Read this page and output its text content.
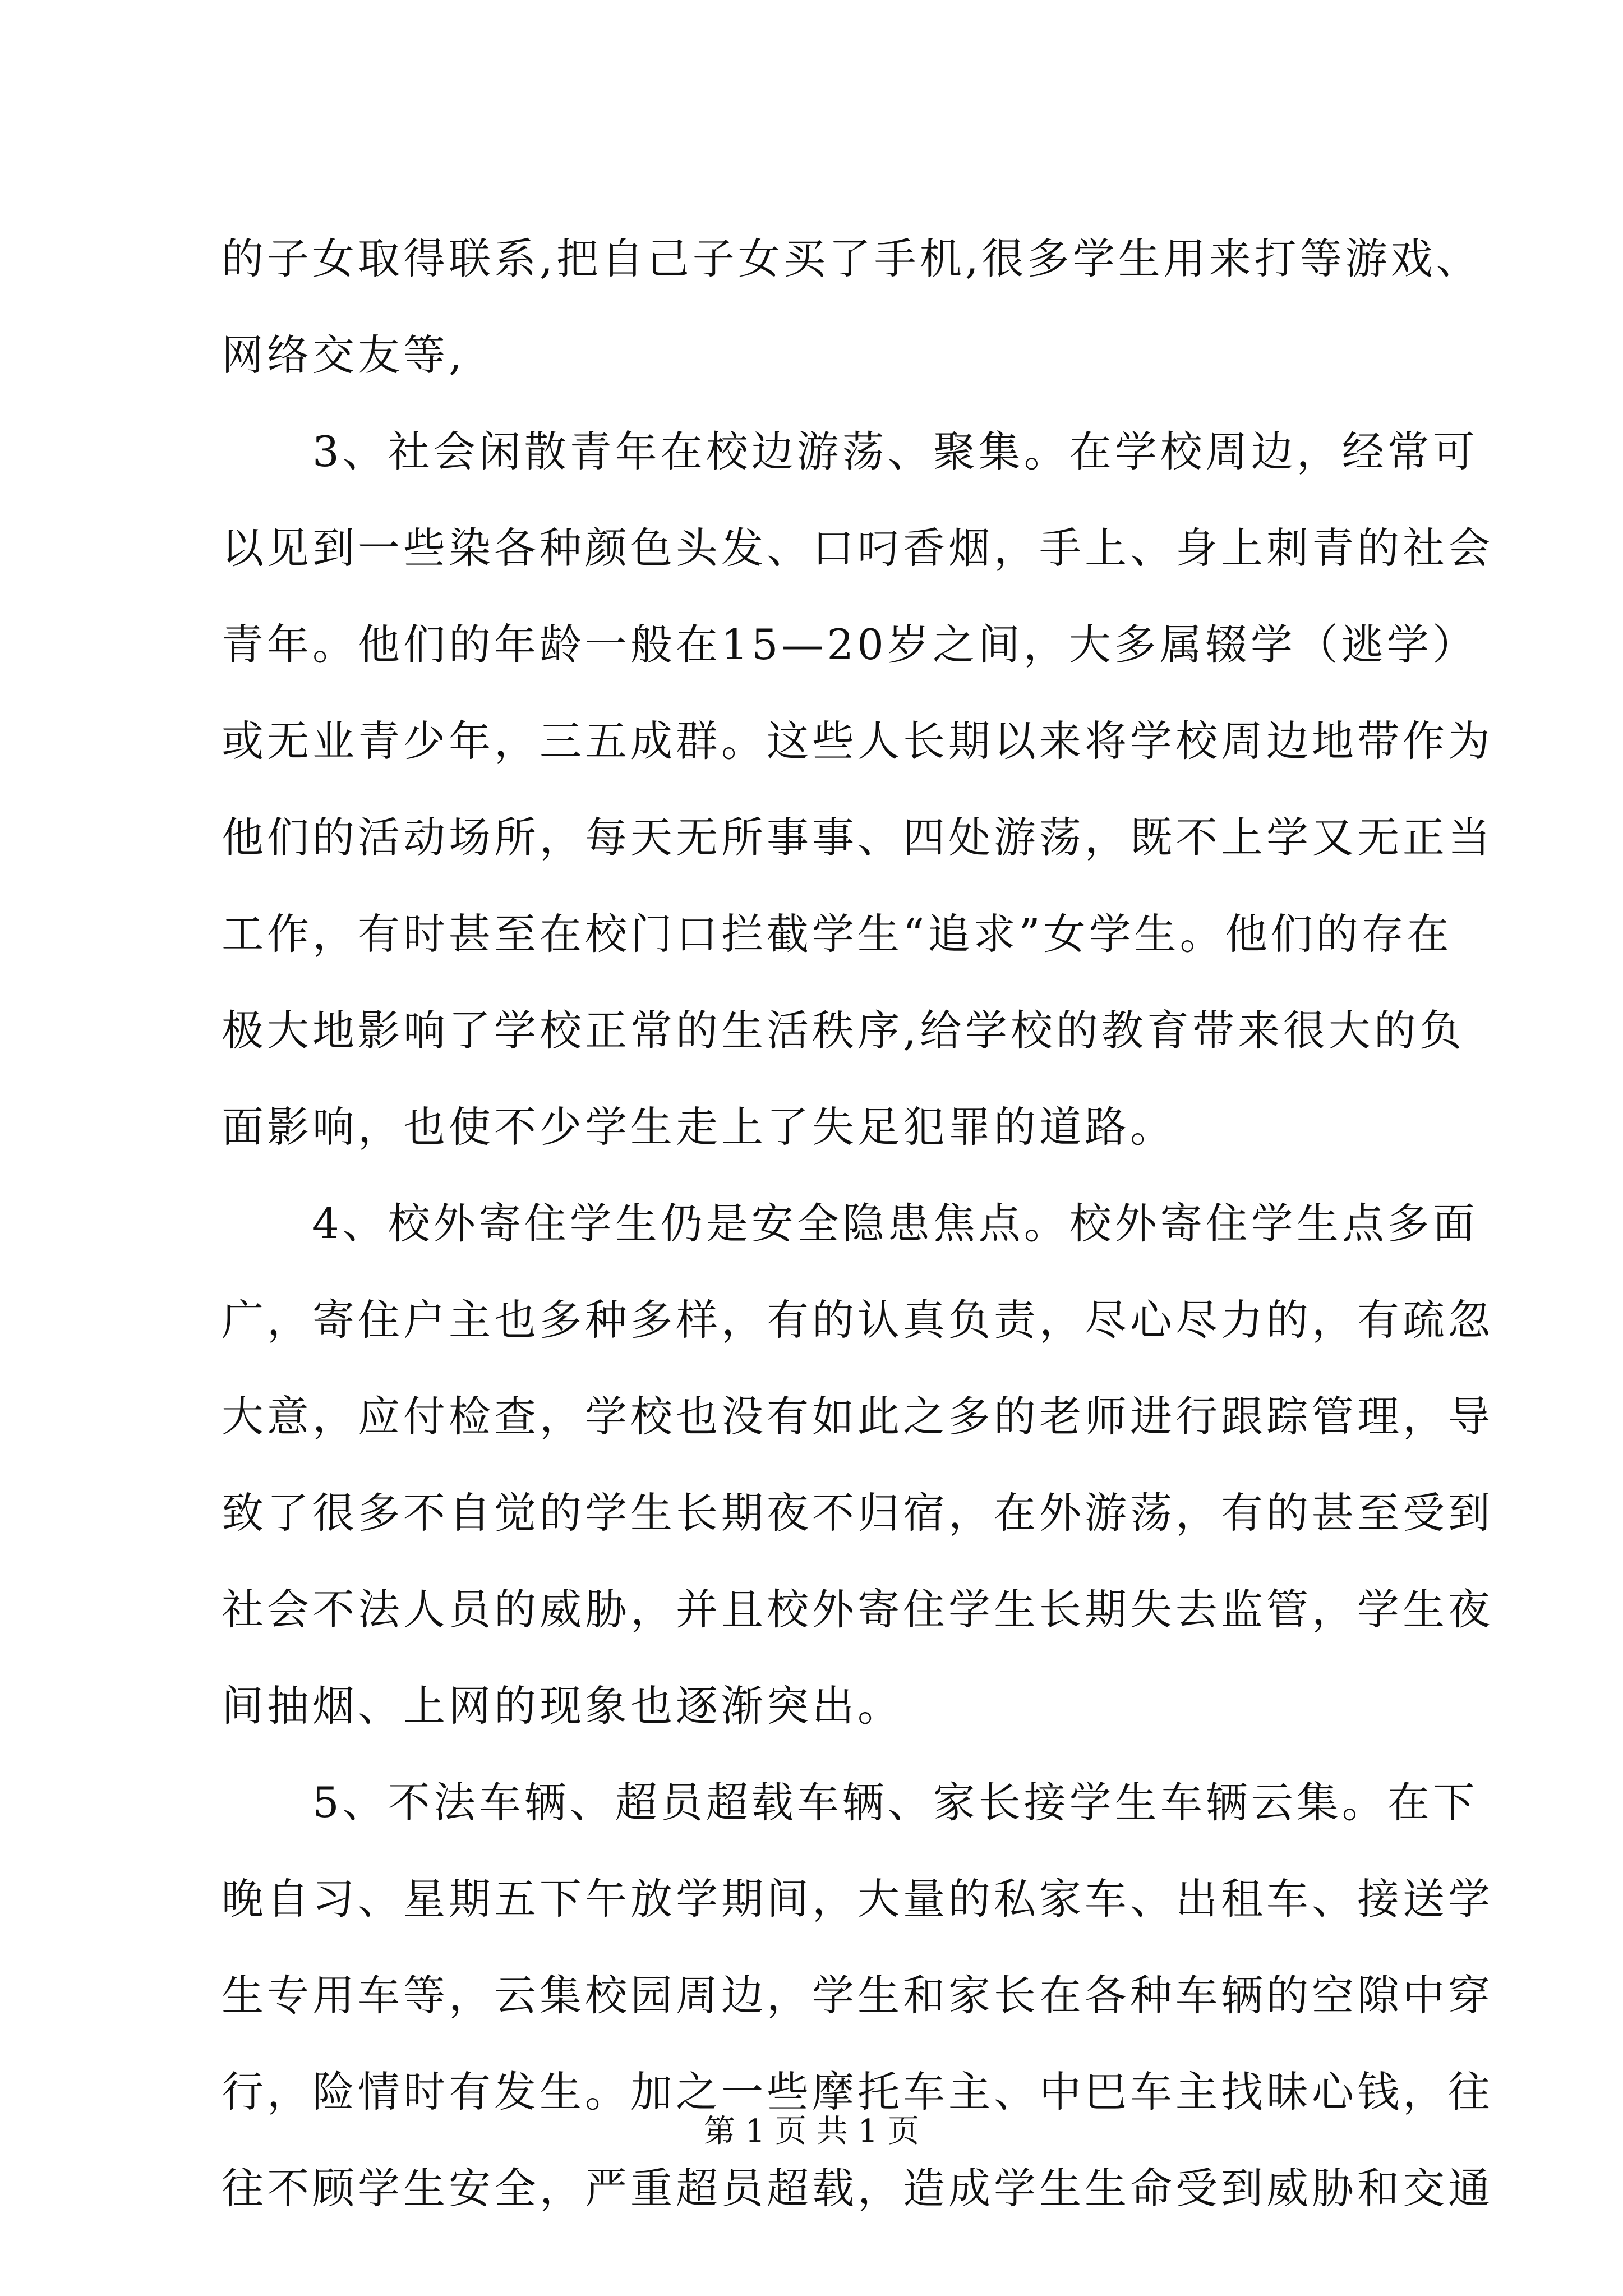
的子女取得联系,把自己子女买了手机,很多学生用来打等游戏、
网络交友等,
　　3、社会闲散青年在校边游荡、聚集。在学校周边，经常可
以见到一些染各种颜色头发、口叼香烟，手上、身上刺青的社会
青年。他们的年龄一般在15—20岁之间，大多属辍学（逃学）
或无业青少年，三五成群。这些人长期以来将学校周边地带作为
他们的活动场所，每天无所事事、四处游荡，既不上学又无正当
工作，有时甚至在校门口拦截学生“追求”女学生。他们的存在
极大地影响了学校正常的生活秩序,给学校的教育带来很大的负
面影响，也使不少学生走上了失足犯罪的道路。
　　4、校外寄住学生仍是安全隐患焦点。校外寄住学生点多面
广，寄住户主也多种多样，有的认真负责，尽心尽力的，有疏忽
大意，应付检查，学校也没有如此之多的老师进行跟踪管理，导
致了很多不自觉的学生长期夜不归宿，在外游荡，有的甚至受到
社会不法人员的威胁，并且校外寄住学生长期失去监管，学生夜
间抽烟、上网的现象也逐渐突出。
　　5、不法车辆、超员超载车辆、家长接学生车辆云集。在下
晚自习、星期五下午放学期间，大量的私家车、出租车、接送学
生专用车等，云集校园周边，学生和家长在各种车辆的空隙中穿
行，险情时有发生。加之一些摩托车主、中巴车主找昧心钱，往
往不顾学生安全，严重超员超载，造成学生生命受到威胁和交通
第 1 页 共 1 页
